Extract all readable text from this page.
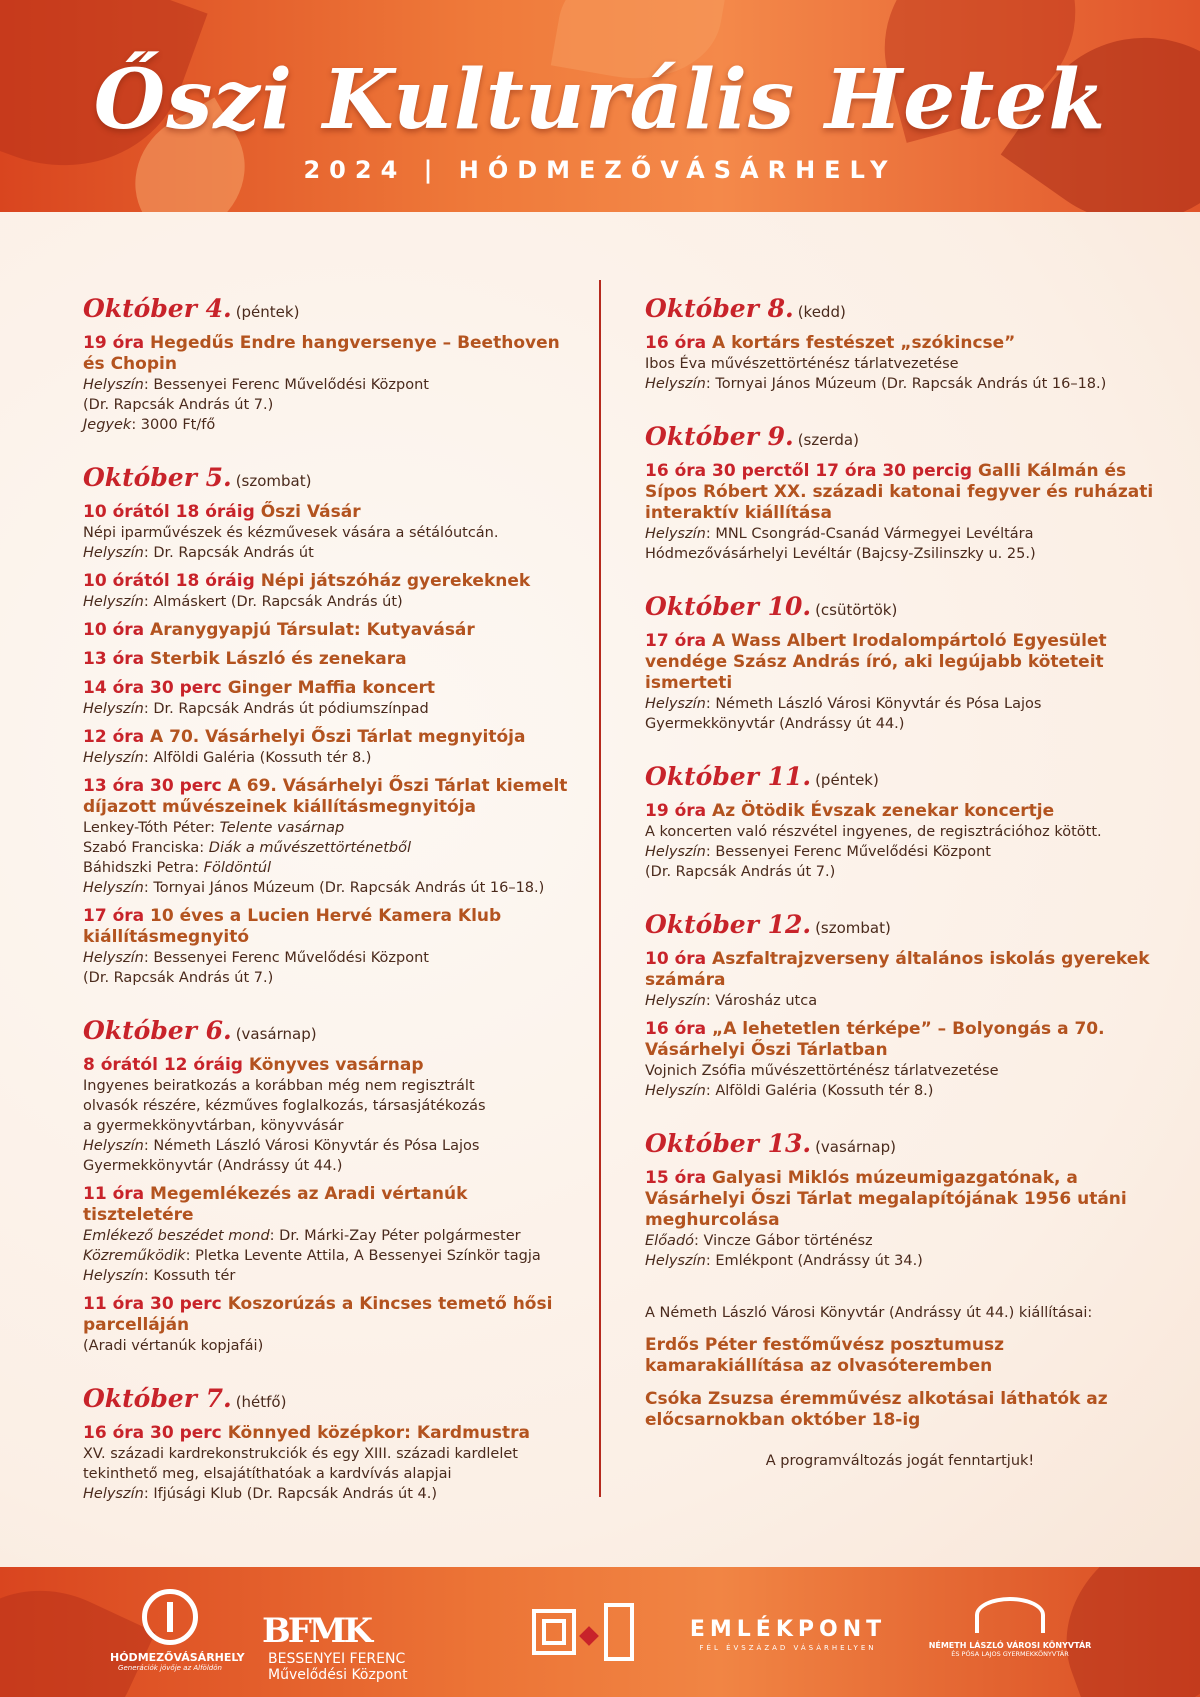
Őszi Kulturális Hetek
2024 | HÓDMEZŐVÁSÁRHELY
Október 4. (péntek)
19 óra Hegedűs Endre hangversenye – Beethoven és Chopin
Helyszín: Bessenyei Ferenc Művelődési Központ
(Dr. Rapcsák András út 7.)
Jegyek: 3000 Ft/fő
Október 5. (szombat)
10 órától 18 óráig Őszi Vásár
Népi iparművészek és kézművesek vására a sétálóutcán.
Helyszín: Dr. Rapcsák András út
10 órától 18 óráig Népi játszóház gyerekeknek
Helyszín: Almáskert (Dr. Rapcsák András út)
10 óra Aranygyapjú Társulat: Kutyavásár
13 óra Sterbik László és zenekara
14 óra 30 perc Ginger Maffia koncert
Helyszín: Dr. Rapcsák András út pódiumszínpad
12 óra A 70. Vásárhelyi Őszi Tárlat megnyitója
Helyszín: Alföldi Galéria (Kossuth tér 8.)
13 óra 30 perc A 69. Vásárhelyi Őszi Tárlat kiemelt díjazott művészeinek kiállításmegnyitója
Lenkey-Tóth Péter: Telente vasárnap
Szabó Franciska: Diák a művészettörténetből
Báhidszki Petra: Földöntúl
Helyszín: Tornyai János Múzeum (Dr. Rapcsák András út 16–18.)
17 óra 10 éves a Lucien Hervé Kamera Klub kiállításmegnyitó
Helyszín: Bessenyei Ferenc Művelődési Központ
(Dr. Rapcsák András út 7.)
Október 6. (vasárnap)
8 órától 12 óráig Könyves vasárnap
Ingyenes beiratkozás a korábban még nem regisztrált
olvasók részére, kézműves foglalkozás, társasjátékozás
a gyermekkönyvtárban, könyvvásár
Helyszín: Németh László Városi Könyvtár és Pósa Lajos
Gyermekkönyvtár (Andrássy út 44.)
11 óra Megemlékezés az Aradi vértanúk tiszteletére
Emlékező beszédet mond: Dr. Márki-Zay Péter polgármester
Közreműködik: Pletka Levente Attila, A Bessenyei Színkör tagja
Helyszín: Kossuth tér
11 óra 30 perc Koszorúzás a Kincses temető hősi parcelláján
(Aradi vértanúk kopjafái)
Október 7. (hétfő)
16 óra 30 perc Könnyed középkor: Kardmustra
XV. századi kardrekonstrukciók és egy XIII. századi kardlelet
tekinthető meg, elsajátíthatóak a kardvívás alapjai
Helyszín: Ifjúsági Klub (Dr. Rapcsák András út 4.)
Október 8. (kedd)
16 óra A kortárs festészet „szókincse”
Ibos Éva művészettörténész tárlatvezetése
Helyszín: Tornyai János Múzeum (Dr. Rapcsák András út 16–18.)
Október 9. (szerda)
16 óra 30 perctől 17 óra 30 percig Galli Kálmán és Sípos Róbert XX. századi katonai fegyver és ruházati interaktív kiállítása
Helyszín: MNL Csongrád-Csanád Vármegyei Levéltára
Hódmezővásárhelyi Levéltár (Bajcsy-Zsilinszky u. 25.)
Október 10. (csütörtök)
17 óra A Wass Albert Irodalompártoló Egyesület vendége Szász András író, aki legújabb köteteit ismerteti
Helyszín: Németh László Városi Könyvtár és Pósa Lajos
Gyermekkönyvtár (Andrássy út 44.)
Október 11. (péntek)
19 óra Az Ötödik Évszak zenekar koncertje
A koncerten való részvétel ingyenes, de regisztrációhoz kötött.
Helyszín: Bessenyei Ferenc Művelődési Központ
(Dr. Rapcsák András út 7.)
Október 12. (szombat)
10 óra Aszfaltrajzverseny általános iskolás gyerekek számára
Helyszín: Városház utca
16 óra „A lehetetlen térképe” – Bolyongás a 70. Vásárhelyi Őszi Tárlatban
Vojnich Zsófia művészettörténész tárlatvezetése
Helyszín: Alföldi Galéria (Kossuth tér 8.)
Október 13. (vasárnap)
15 óra Galyasi Miklós múzeumigazgatónak, a Vásárhelyi Őszi Tárlat megalapítójának 1956 utáni meghurcolása
Előadó: Vincze Gábor történész
Helyszín: Emlékpont (Andrássy út 34.)
A Németh László Városi Könyvtár (Andrássy út 44.) kiállításai:
Erdős Péter festőművész posztumusz kamarakiállítása az olvasóteremben
Csóka Zsuzsa éremművész alkotásai láthatók az előcsarnokban október 18-ig
A programváltozás jogát fenntartjuk!
HÓDMEZŐVÁSÁRHELY
Generációk jövője az Alföldön
BFMK
BESSENYEI FERENC
Művelődési Központ
EMLÉKPONT
FÉL ÉVSZÁZAD VÁSÁRHELYEN	NÉMETH LÁSZLÓ VÁROSI KÖNYVTÁR
ÉS PÓSA LAJOS GYERMEKKÖNYVTÁR
